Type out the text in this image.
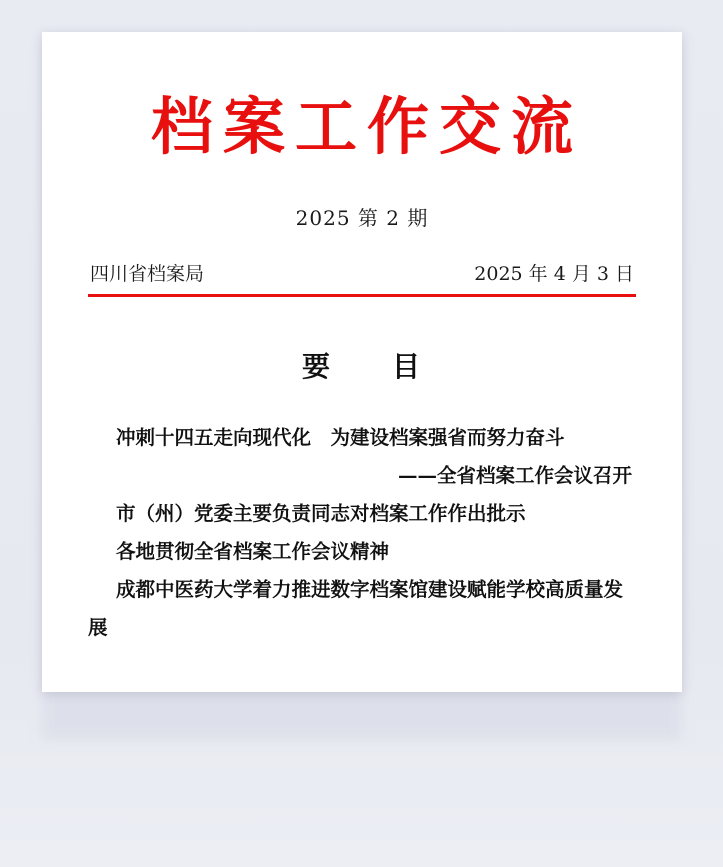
档案工作交流
2025 第 2 期
四川省档案局	2025 年 4 月 3 日
要　　目
冲刺十四五走向现代化　为建设档案强省而努力奋斗
——全省档案工作会议召开
市（州）党委主要负责同志对档案工作作出批示
各地贯彻全省档案工作会议精神
成都中医药大学着力推进数字档案馆建设赋能学校高质量发展
